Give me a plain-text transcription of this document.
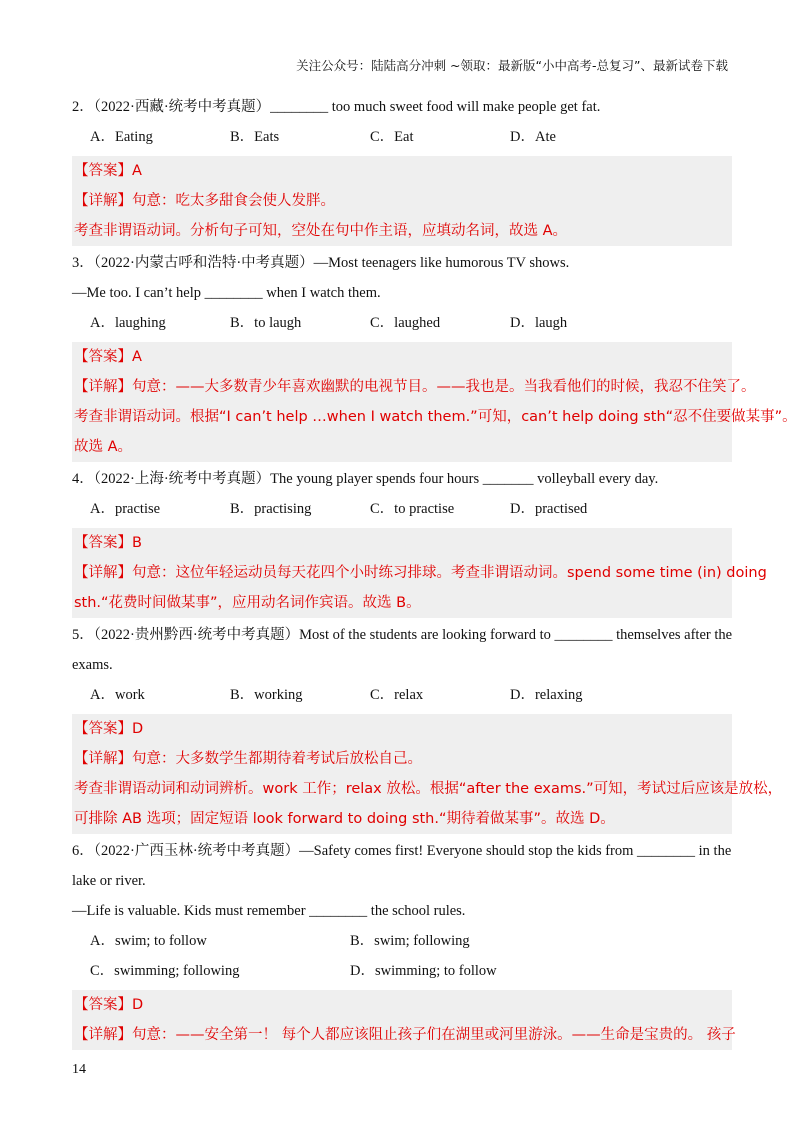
关注公众号：陆陆高分冲刺 ~领取：最新版“小中高考-总复习”、最新试卷下载
2．（2022·西藏·统考中考真题）________ too much sweet food will make people get fat.
A．Eating	B．Eats	C．Eat	D．Ate
【答案】A
【详解】句意：吃太多甜食会使人发胖。
考查非谓语动词。分析句子可知，空处在句中作主语，应填动名词，故选 A。
3．（2022·内蒙古呼和浩特·中考真题）—Most teenagers like humorous TV shows.
—Me too. I can’t help ________ when I watch them.
A．laughing	B．to laugh	C．laughed	D．laugh
【答案】A
【详解】句意：——大多数青少年喜欢幽默的电视节目。——我也是。当我看他们的时候，我忍不住笑了。
考查非谓语动词。根据“I can’t help …when I watch them.”可知，can’t help doing sth“忍不住要做某事”。
故选 A。
4．（2022·上海·统考中考真题）The young player spends four hours _______ volleyball every day.
A．practise	B．practising	C．to practise	D．practised
【答案】B
【详解】句意：这位年轻运动员每天花四个小时练习排球。考查非谓语动词。spend some time (in) doing
sth.“花费时间做某事”，应用动名词作宾语。故选 B。
5．（2022·贵州黔西·统考中考真题）Most of the students are looking forward to ________ themselves after the
exams.
A．work	B．working	C．relax	D．relaxing
【答案】D
【详解】句意：大多数学生都期待着考试后放松自己。
考查非谓语动词和动词辨析。work 工作；relax 放松。根据“after the exams.”可知，考试过后应该是放松，
可排除 AB 选项；固定短语 look forward to doing sth.“期待着做某事”。故选 D。
6．（2022·广西玉林·统考中考真题）—Safety comes first! Everyone should stop the kids from ________ in the
lake or river.
—Life is valuable. Kids must remember ________ the school rules.
A．swim; to follow	B．swim; following
C．swimming; following	D．swimming; to follow
【答案】D
【详解】句意：——安全第一！ 每个人都应该阻止孩子们在湖里或河里游泳。——生命是宝贵的。 孩子
14
